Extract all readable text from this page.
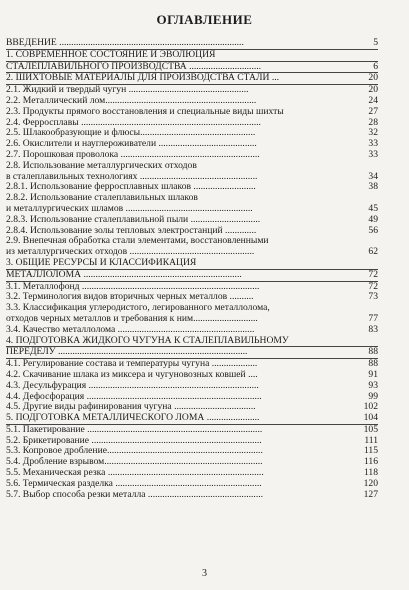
ОГЛАВЛЕНИЕ
ВВЕДЕНИЕ .............................................................................	5
1. СОВРЕМЕННОЕ СОСТОЯНИЕ И ЭВОЛЮЦИЯ
СТАЛЕПЛАВИЛЬНОГО ПРОИЗВОДСТВА ..............................	6
2. ШИХТОВЫЕ МАТЕРИАЛЫ ДЛЯ ПРОИЗВОДСТВА СТАЛИ ...	20
2.1. Жидкий и твердый чугун ..................................................	20
2.2. Металлический лом...............................................................	24
2.3. Продукты прямого восстановления и специальные виды шихты	27
2.4. Ферросплавы ...........................................................................	28
2.5. Шлакообразующие и флюсы................................................	32
2.6. Окислители и науглероживатели .........................................	33
2.7. Порошковая проволока ..........................................................	33
2.8. Использование металлургических отходов
в сталеплавильных технологиях .................................................	34
2.8.1. Использование ферросплавных шлаков ..........................	38
2.8.2. Использование сталеплавильных шлаков
и металлургических шламов .....................................................	45
2.8.3. Использование сталеплавильной пыли .............................	49
2.8.4. Использование золы тепловых электростанций .............	56
2.9. Внепечная обработка стали элементами, восстановленными
из металлургических отходов ....................................................	62
3. ОБЩИЕ РЕСУРСЫ И КЛАССИФИКАЦИЯ
МЕТАЛЛОЛОМА ..................................................................	72
3.1. Металлофонд ..........................................................................	72
3.2. Терминология видов вторичных черных металлов ..........	73
3.3. Классификация углеродистого, легированного металлолома,
отходов черных металлов и требования к ним...........................	77
3.4. Качество металлолома .........................................................	83
4. ПОДГОТОВКА ЖИДКОГО ЧУГУНА К СТАЛЕПЛАВИЛЬНОМУ
ПЕРЕДЕЛУ ...............................................................................	88
4.1. Регулирование состава и температуры чугуна ...................	88
4.2. Скачивание шлака из миксера и чугуновозных ковшей ....	91
4.3. Десульфурация .......................................................................	93
4.4. Дефосфорация .........................................................................	99
4.5. Другие виды рафинирования чугуна ..................................	102
5. ПОДГОТОВКА МЕТАЛЛИЧЕСКОГО ЛОМА ......................	104
5.1. Пакетирование .........................................................................	105
5.2. Брикетирование .......................................................................	111
5.3. Копровое дробление.................................................................	115
5.4. Дробление взрывом..................................................................	116
5.5. Механическая резка .................................................................	118
5.6. Термическая разделка .............................................................	120
5.7. Выбор способа резки металла ................................................	127
3
